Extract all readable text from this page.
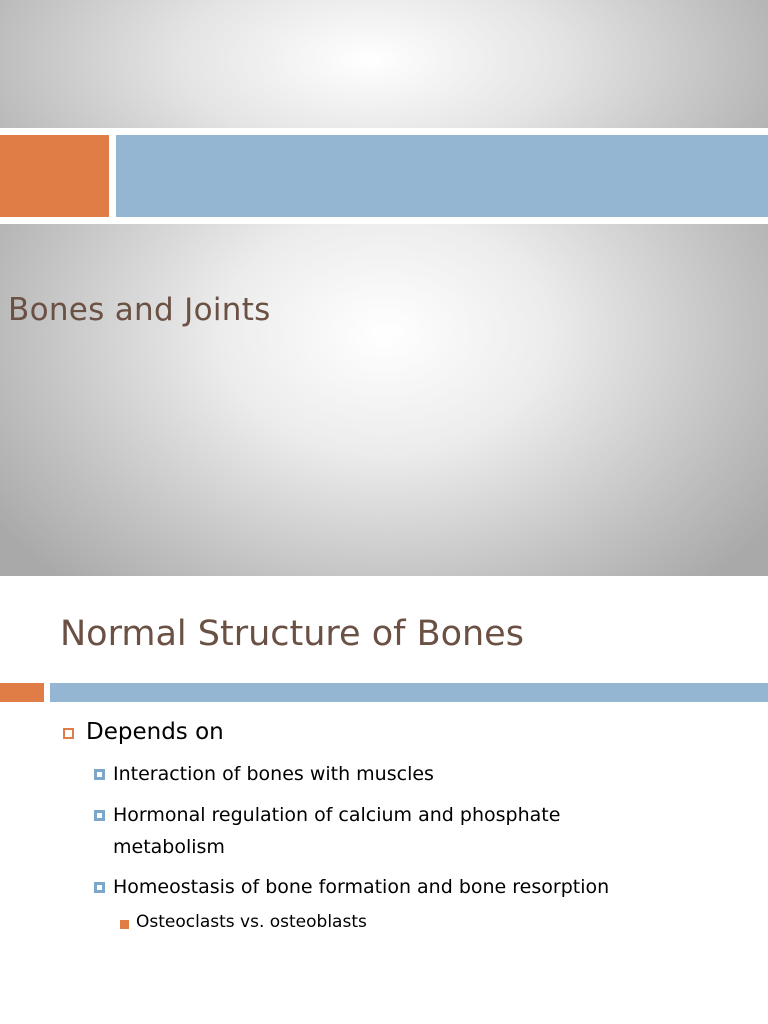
Bones and Joints
Normal Structure of Bones
Depends on
Interaction of bones with muscles
Hormonal regulation of calcium and phosphate
metabolism
Homeostasis of bone formation and bone resorption
Osteoclasts vs. osteoblasts
